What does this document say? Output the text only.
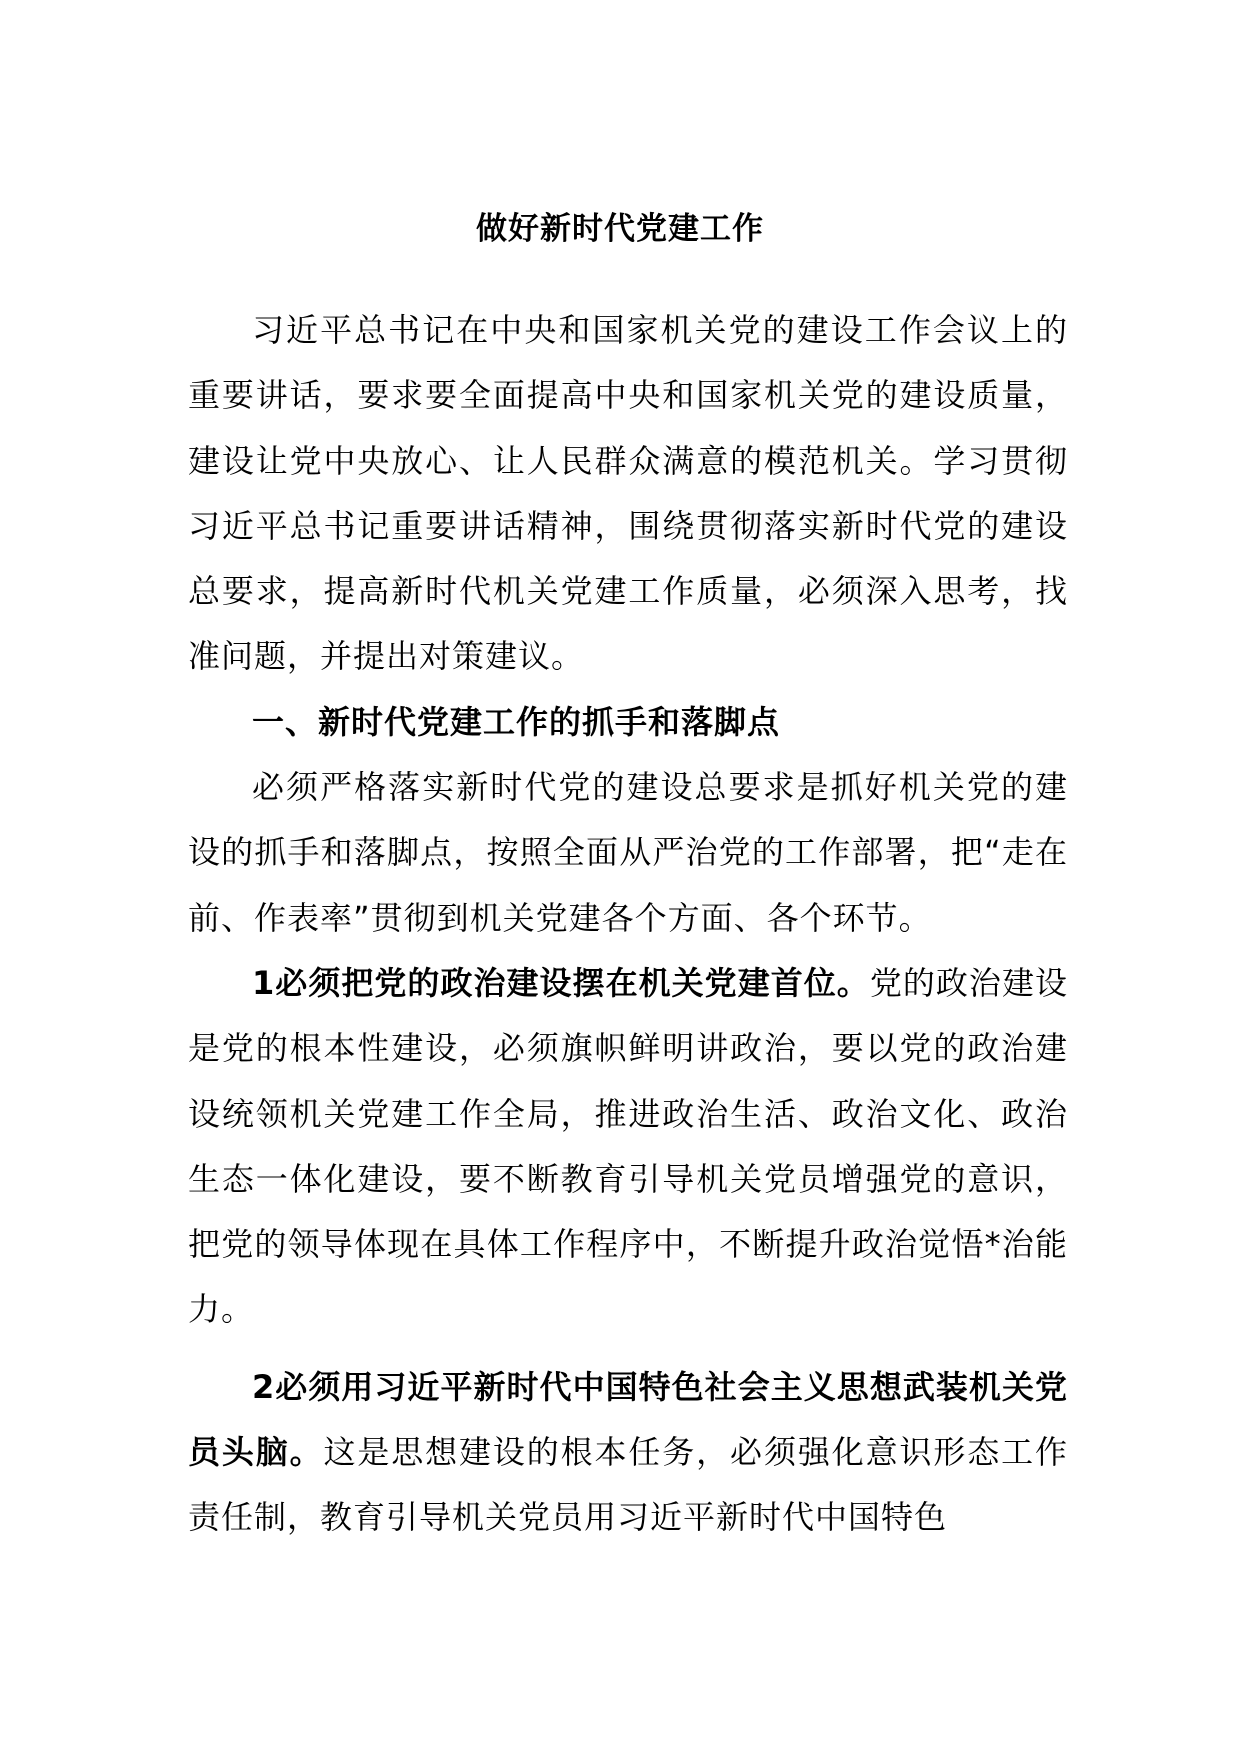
做好新时代党建工作

习近平总书记在中央和国家机关党的建设工作会议上的重要讲话，要求要全面提高中央和国家机关党的建设质量，建设让党中央放心、让人民群众满意的模范机关。学习贯彻习近平总书记重要讲话精神，围绕贯彻落实新时代党的建设总要求，提高新时代机关党建工作质量，必须深入思考，找准问题，并提出对策建议。

一、新时代党建工作的抓手和落脚点

必须严格落实新时代党的建设总要求是抓好机关党的建设的抓手和落脚点，按照全面从严治党的工作部署，把“走在前、作表率”贯彻到机关党建各个方面、各个环节。

1必须把党的政治建设摆在机关党建首位。党的政治建设是党的根本性建设，必须旗帜鲜明讲政治，要以党的政治建设统领机关党建工作全局，推进政治生活、政治文化、政治生态一体化建设，要不断教育引导机关党员增强党的意识，把党的领导体现在具体工作程序中，不断提升政治觉悟*治能力。

2必须用习近平新时代中国特色社会主义思想武装机关党员头脑。这是思想建设的根本任务，必须强化意识形态工作责任制，教育引导机关党员用习近平新时代中国特色
